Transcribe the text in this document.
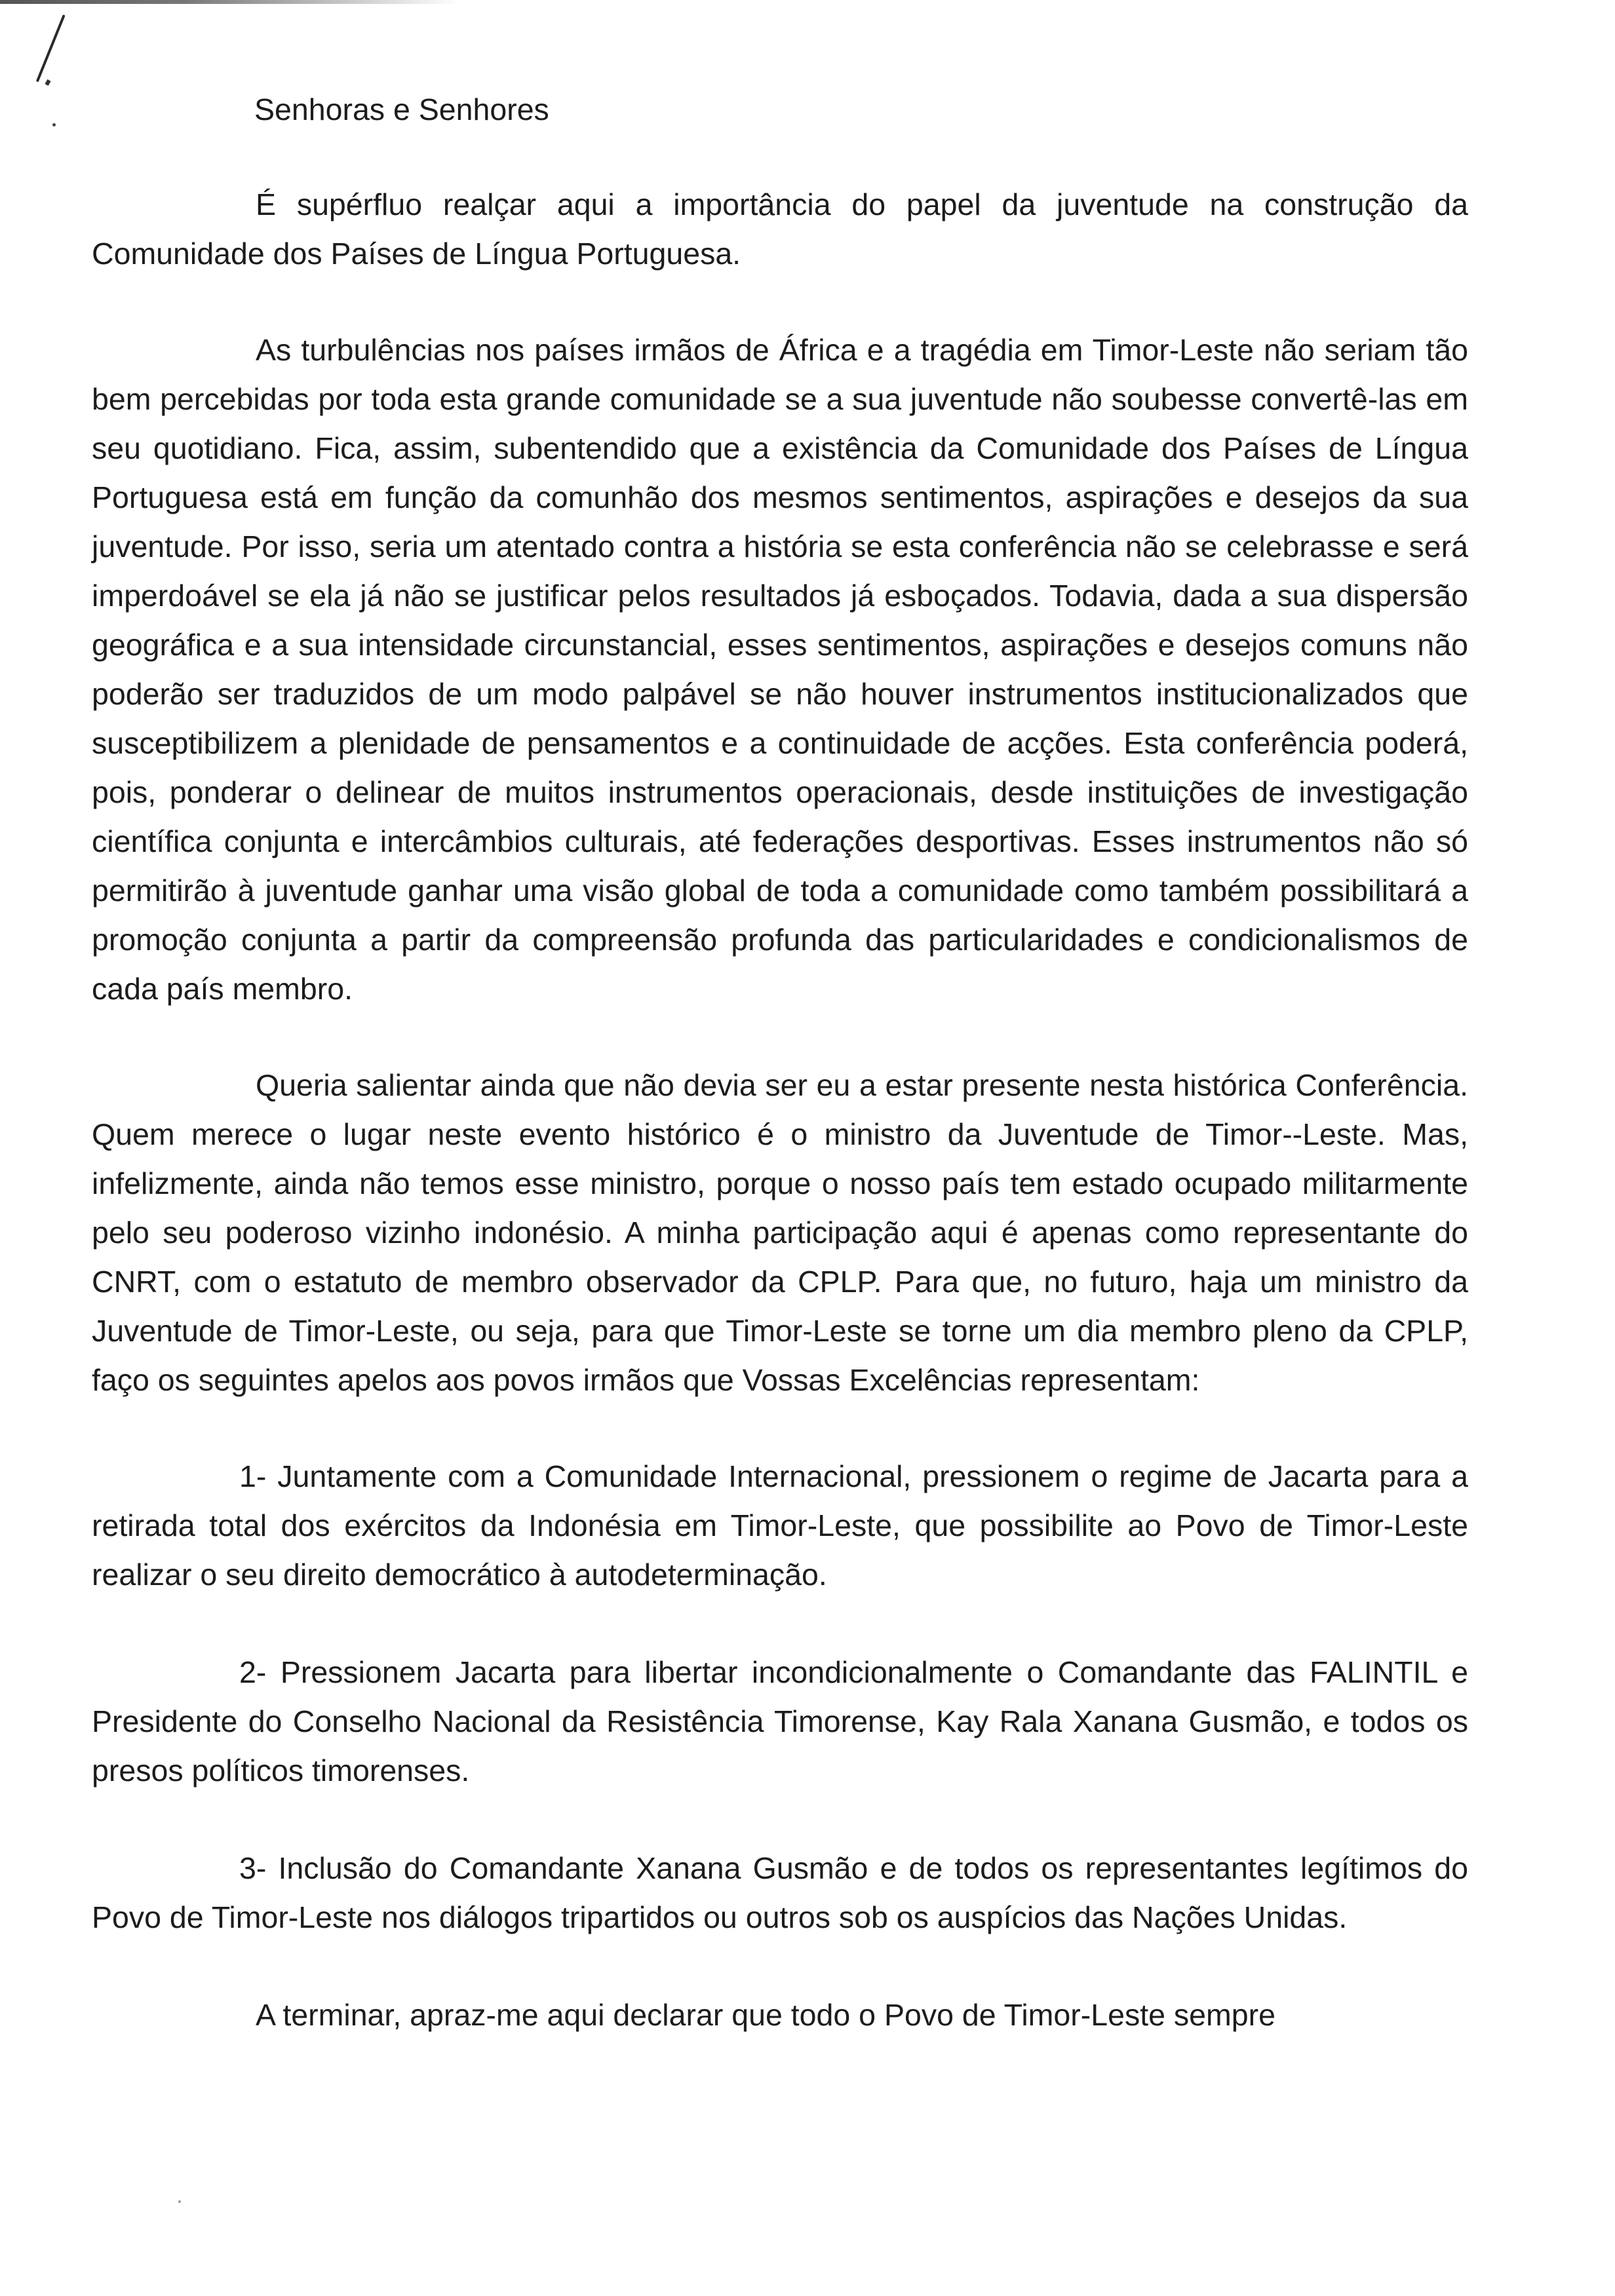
Senhoras e Senhores

É supérfluo realçar aqui a importância do papel da juventude na construção da Comunidade dos Países de Língua Portuguesa.

As turbulências nos países irmãos de África e a tragédia em Timor-Leste não seriam tão bem percebidas por toda esta grande comunidade se a sua juventude não soubesse convertê-las em seu quotidiano. Fica, assim, subentendido que a existência da Comunidade dos Países de Língua Portuguesa está em função da comunhão dos mesmos sentimentos, aspirações e desejos da sua juventude. Por isso, seria um atentado contra a história se esta conferência não se celebrasse e será imperdoável se ela já não se justificar pelos resultados já esboçados. Todavia, dada a sua dispersão geográfica e a sua intensidade circunstancial, esses sentimentos, aspirações e desejos comuns não poderão ser traduzidos de um modo palpável se não houver instrumentos institucionalizados que susceptibilizem a plenidade de pensamentos e a continuidade de acções. Esta conferência poderá, pois, ponderar o delinear de muitos instrumentos operacionais, desde instituições de investigação científica conjunta e intercâmbios culturais, até federações desportivas. Esses instrumentos não só permitirão à juventude ganhar uma visão global de toda a comunidade como também possibilitará a promoção conjunta a partir da compreensão profunda das particularidades e condicionalismos de cada país membro.

Queria salientar ainda que não devia ser eu a estar presente nesta histórica Conferência. Quem merece o lugar neste evento histórico é o ministro da Juventude de Timor--Leste. Mas, infelizmente, ainda não temos esse ministro, porque o nosso país tem estado ocupado militarmente pelo seu poderoso vizinho indonésio. A minha participação aqui é apenas como representante do CNRT, com o estatuto de membro observador da CPLP. Para que, no futuro, haja um ministro da Juventude de Timor-Leste, ou seja, para que Timor-Leste se torne um dia membro pleno da CPLP, faço os seguintes apelos aos povos irmãos que Vossas Excelências representam:

1- Juntamente com a Comunidade Internacional, pressionem o regime de Jacarta para a retirada total dos exércitos da Indonésia em Timor-Leste, que possibilite ao Povo de Timor-Leste realizar o seu direito democrático à autodeterminação.

2- Pressionem Jacarta para libertar incondicionalmente o Comandante das FALINTIL e Presidente do Conselho Nacional da Resistência Timorense, Kay Rala Xanana Gusmão, e todos os presos políticos timorenses.

3- Inclusão do Comandante Xanana Gusmão e de todos os representantes legítimos do Povo de Timor-Leste nos diálogos tripartidos ou outros sob os auspícios das Nações Unidas.

A terminar, apraz-me aqui declarar que todo o Povo de Timor-Leste sempre
